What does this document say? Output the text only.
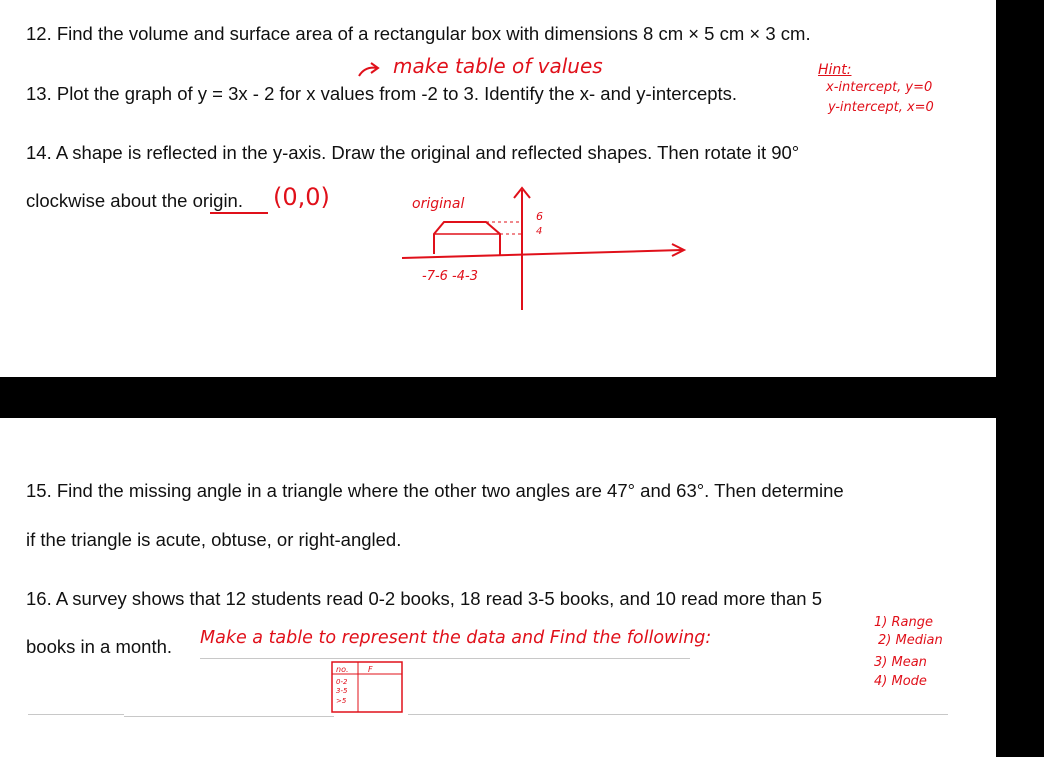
12. Find the volume and surface area of a rectangular box with dimensions 8 cm × 5 cm × 3 cm.

make table of values

13. Plot the graph of y = 3x - 2 for x values from -2 to 3. Identify the x- and y-intercepts.

Hint:

x-intercept, y=0

y-intercept, x=0

14. A shape is reflected in the y-axis. Draw the original and reflected shapes. Then rotate it 90°

clockwise about the origin. (0,0)	original
6
4
-7-6 -4-3

15. Find the missing angle in a triangle where the other two angles are 47° and 63°. Then determine

if the triangle is acute, obtuse, or right-angled.

16. A survey shows that 12 students read 0-2 books, 18 read 3-5 books, and 10 read more than 5

books in a month. Make a table to represent the data and Find the following:

1) Range

2) Median

3) Mean

4) Mode

no. F
0-2
3-5
>5
